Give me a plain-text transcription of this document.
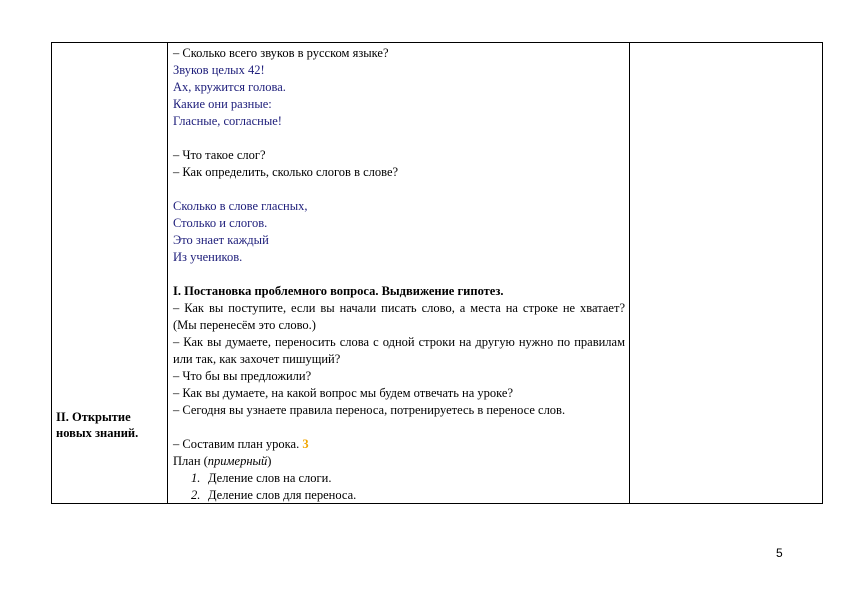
II. Открытие новых знаний.

– Сколько всего звуков в русском языке?

Звуков целых 42!

Ах, кружится голова.

Какие они разные:

Гласные, согласные!

– Что такое слог?

– Как определить, сколько слогов в слове?

Сколько в слове гласных,

Столько и слогов.

Это знает каждый

Из учеников.

I. Постановка проблемного вопроса. Выдвижение гипотез.

– Как вы поступите, если вы начали писать слово, а места на строке не хватает? (Мы перенесём это слово.)

– Как вы думаете, переносить слова с одной строки на другую нужно по правилам или так, как захочет пишущий?

– Что бы вы предложили?

– Как вы думаете, на какой вопрос мы будем отвечать на уроке?

– Сегодня вы узнаете правила переноса, потренируетесь в переносе слов.

– Составим план урока. 3

План (примерный)

1. Деление слов на слоги.

2. Деление слов для переноса.

5
